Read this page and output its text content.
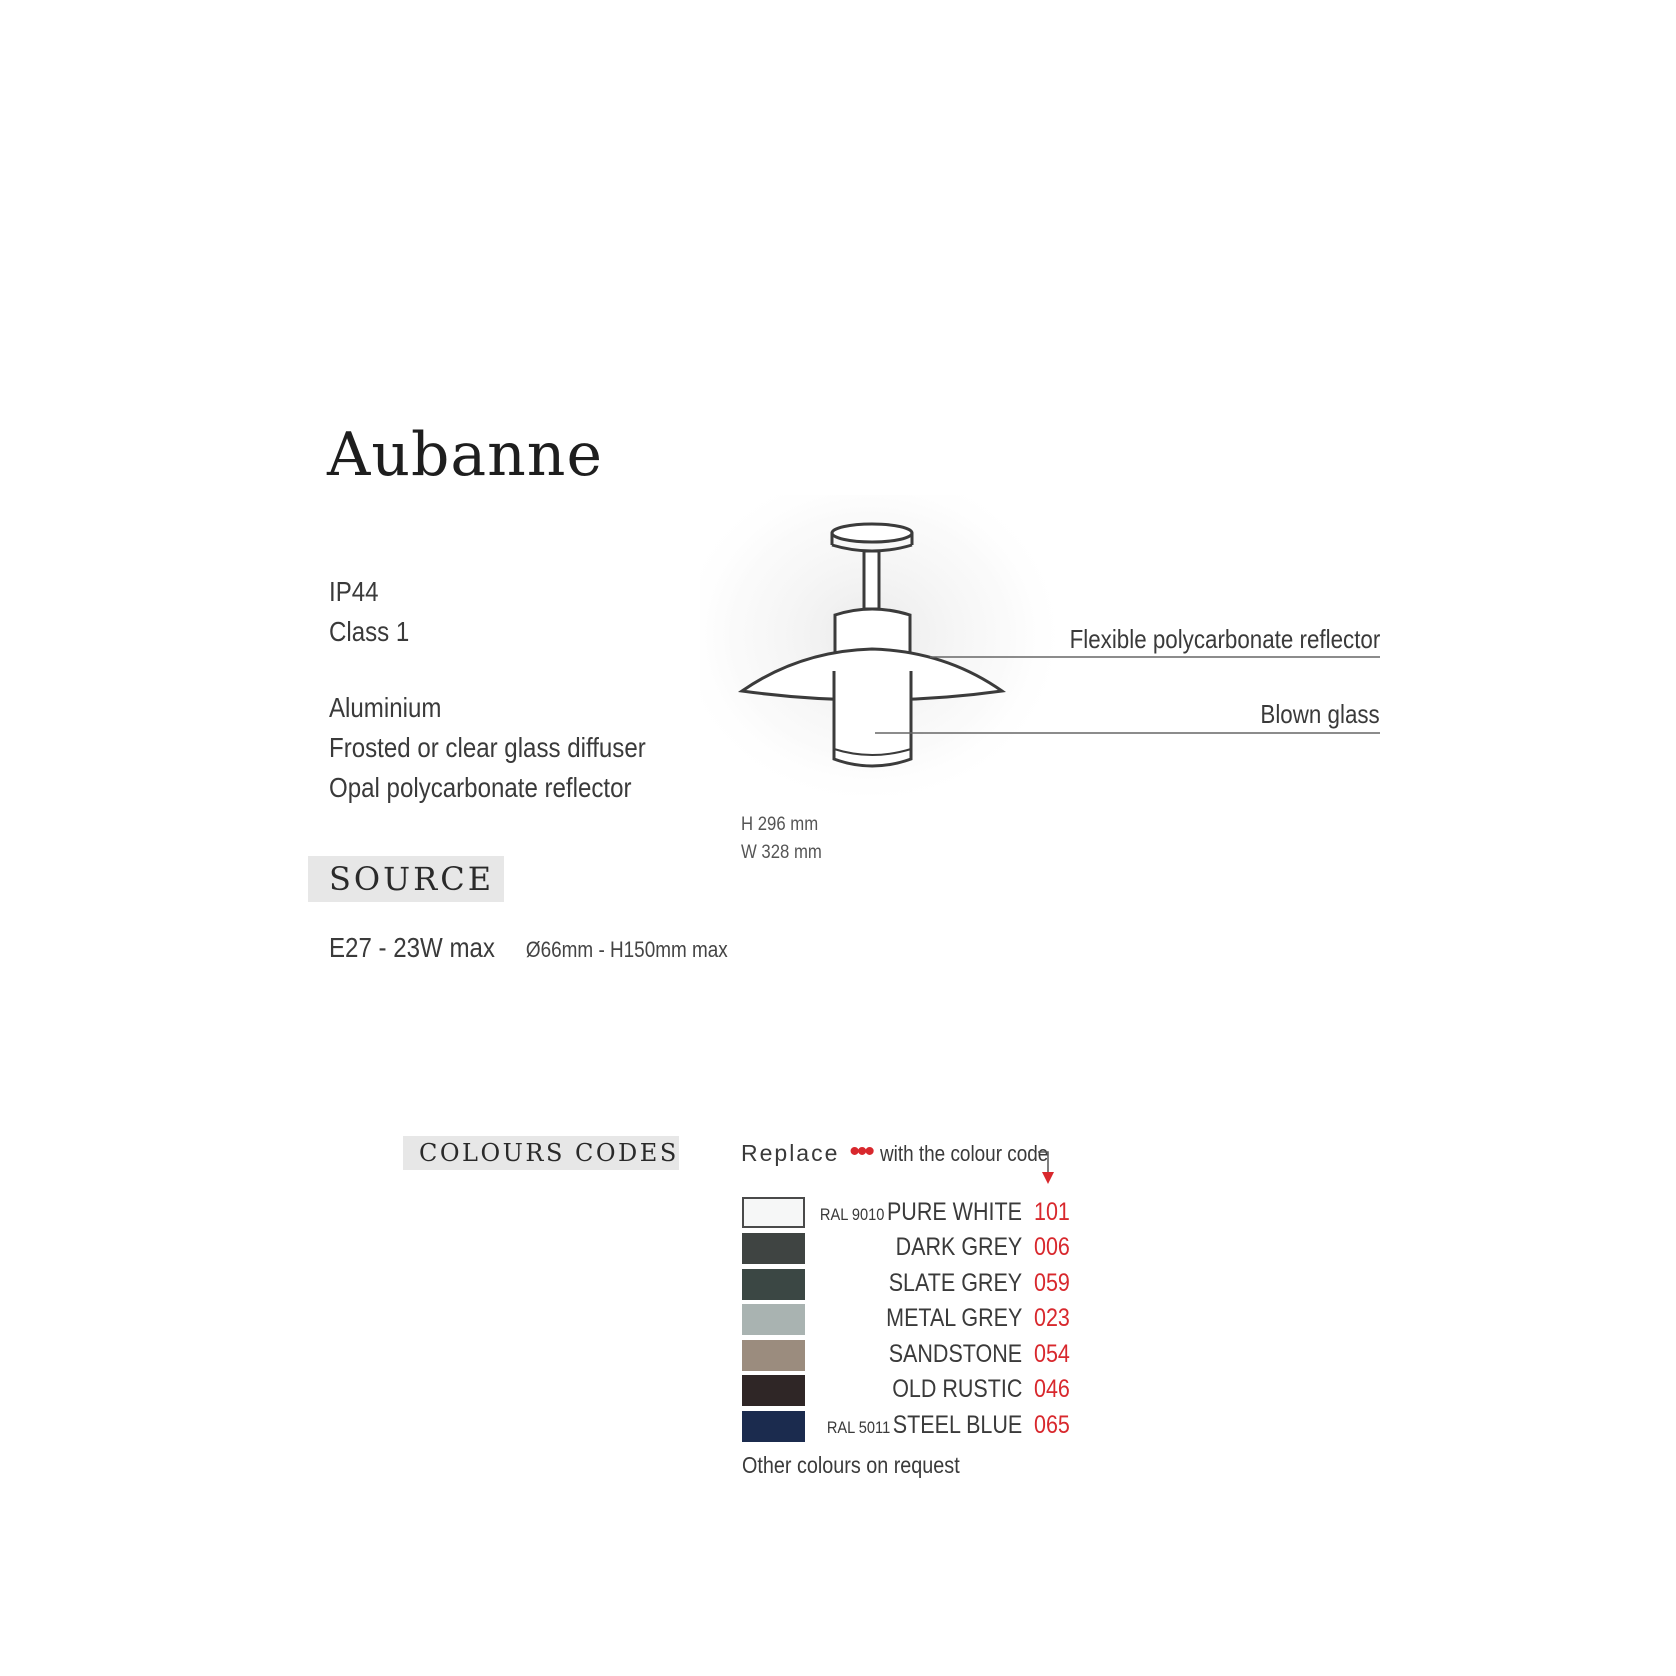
Aubanne
IP44
Class 1
Aluminium
Frosted or clear glass diffuser
Opal polycarbonate reflector
SOURCE
E27 - 23W max Ø66mm - H150mm max
Flexible polycarbonate reflector
Blown glass
H 296 mm
W 328 mm
COLOURS CODES	Replace ••• with the colour code
RAL 9010 PURE WHITE 101
DARK GREY 006
SLATE GREY 059
METAL GREY 023
SANDSTONE 054
OLD RUSTIC 046
RAL 5011 STEEL BLUE 065
Other colours on request
